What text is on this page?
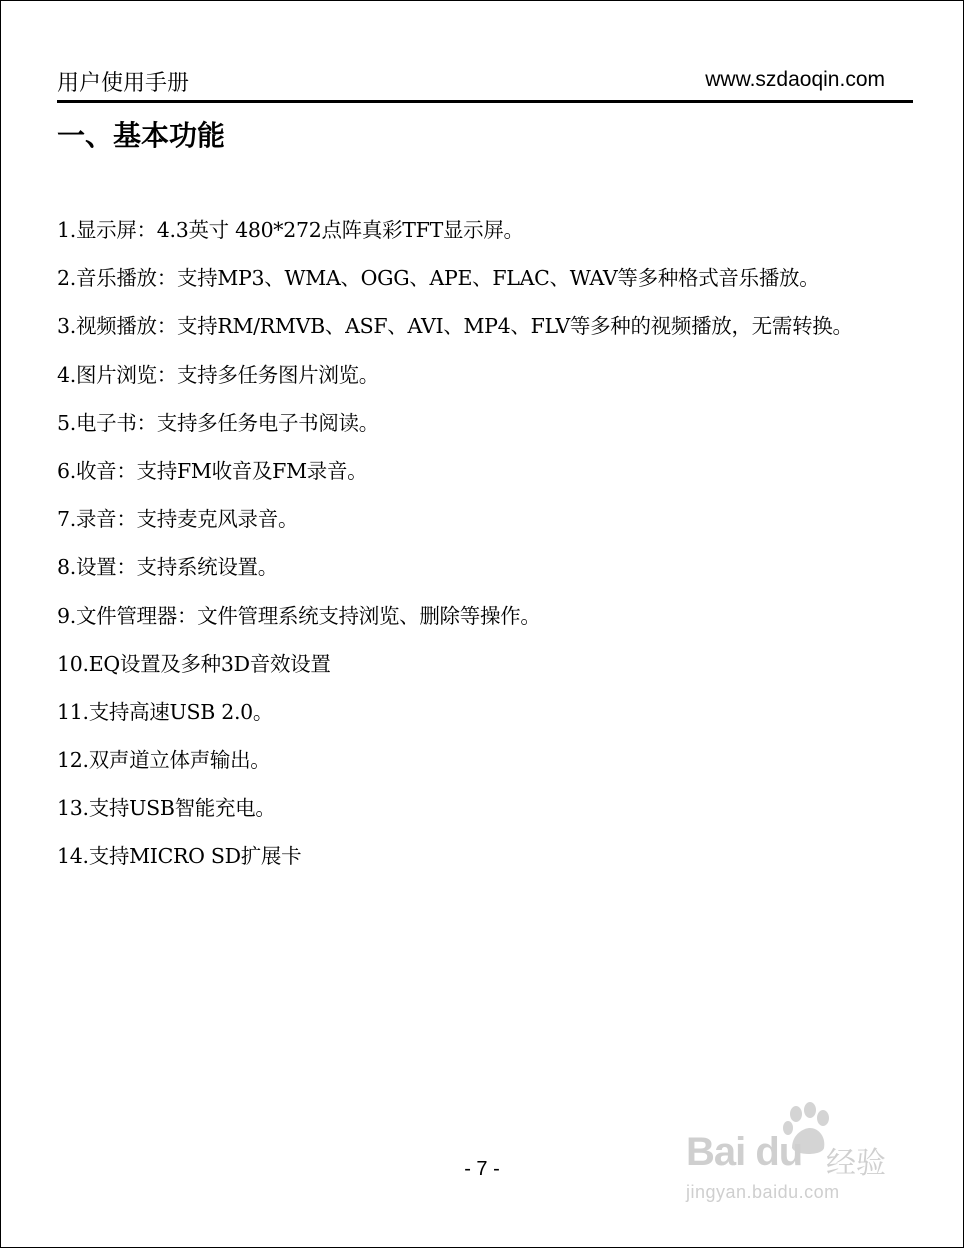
用户使用手册	www.szdaoqin.com
一、基本功能
1.显示屏：4.3英寸 480*272点阵真彩TFT显示屏。
2.音乐播放：支持MP3、WMA、OGG、APE、FLAC、WAV等多种格式音乐播放。
3.视频播放：支持RM/RMVB、ASF、AVI、MP4、FLV等多种的视频播放，无需转换。
4.图片浏览：支持多任务图片浏览。
5.电子书：支持多任务电子书阅读。
6.收音：支持FM收音及FM录音。
7.录音：支持麦克风录音。
8.设置：支持系统设置。
9.文件管理器：文件管理系统支持浏览、删除等操作。
10.EQ设置及多种3D音效设置
11.支持高速USB 2.0。
12.双声道立体声输出。
13.支持USB智能充电。
14.支持MICRO SD扩展卡
- 7 -	Bai du 经验
jingyan.baidu.com
